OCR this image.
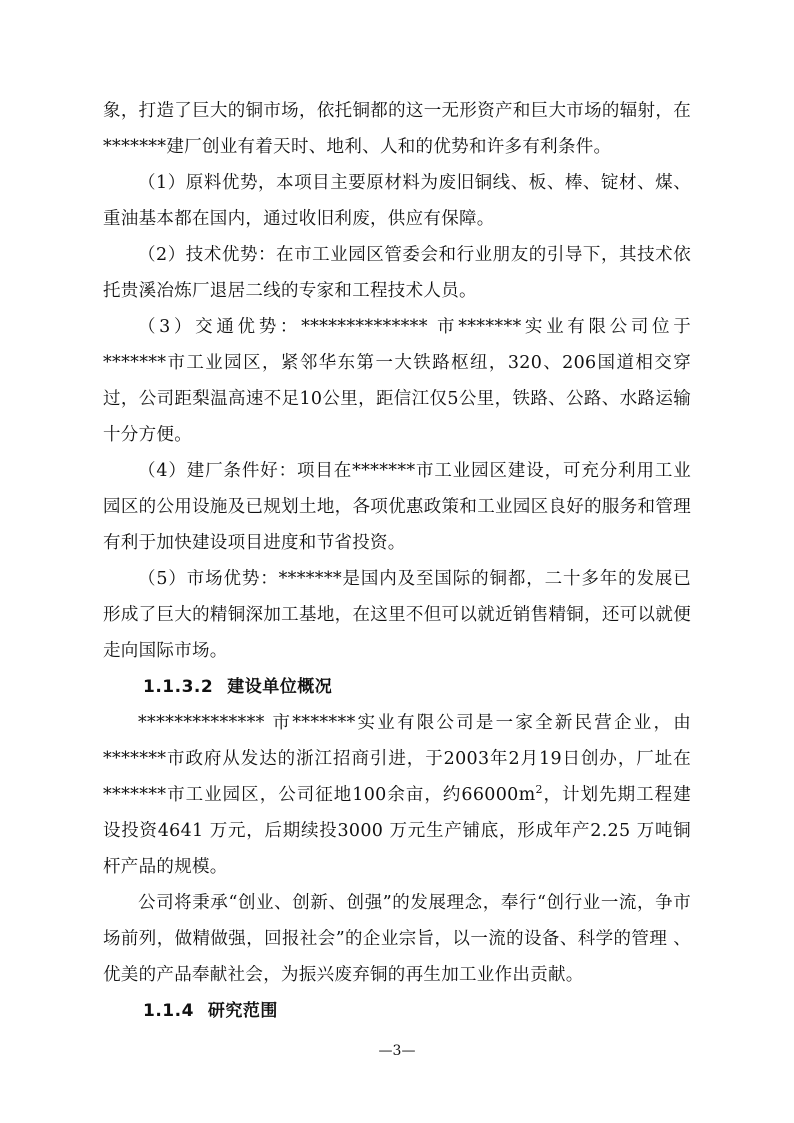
象，打造了巨大的铜市场，依托铜都的这一无形资产和巨大市场的辐射，在*******建厂创业有着天时、地利、人和的优势和许多有利条件。

（1）原料优势，本项目主要原材料为废旧铜线、板、棒、锭材、煤、重油基本都在国内，通过收旧利废，供应有保障。

（2）技术优势：在市工业园区管委会和行业朋友的引导下，其技术依托贵溪冶炼厂退居二线的专家和工程技术人员。

（3）交通优势：************** 市*******实业有限公司位于*******市工业园区，紧邻华东第一大铁路枢纽，320、206国道相交穿过，公司距梨温高速不足10公里，距信江仅5公里，铁路、公路、水路运输十分方便。

（4）建厂条件好：项目在*******市工业园区建设，可充分利用工业园区的公用设施及已规划土地，各项优惠政策和工业园区良好的服务和管理有利于加快建设项目进度和节省投资。

（5）市场优势：*******是国内及至国际的铜都，二十多年的发展已形成了巨大的精铜深加工基地，在这里不但可以就近销售精铜，还可以就便走向国际市场。

1.1.3.2 建设单位概况

************** 市*******实业有限公司是一家全新民营企业，由*******市政府从发达的浙江招商引进，于2003年2月19日创办，厂址在*******市工业园区，公司征地100余亩，约$66000m^2$，计划先期工程建设投资4641 万元，后期续投3000 万元生产铺底，形成年产2.25 万吨铜杆产品的规模。

公司将秉承“创业、创新、创强”的发展理念，奉行“创行业一流，争市场前列，做精做强，回报社会”的企业宗旨，以一流的设备、科学的管理 、优美的产品奉献社会，为振兴废弃铜的再生加工业作出贡献。

1.1.4 研究范围
—3—
